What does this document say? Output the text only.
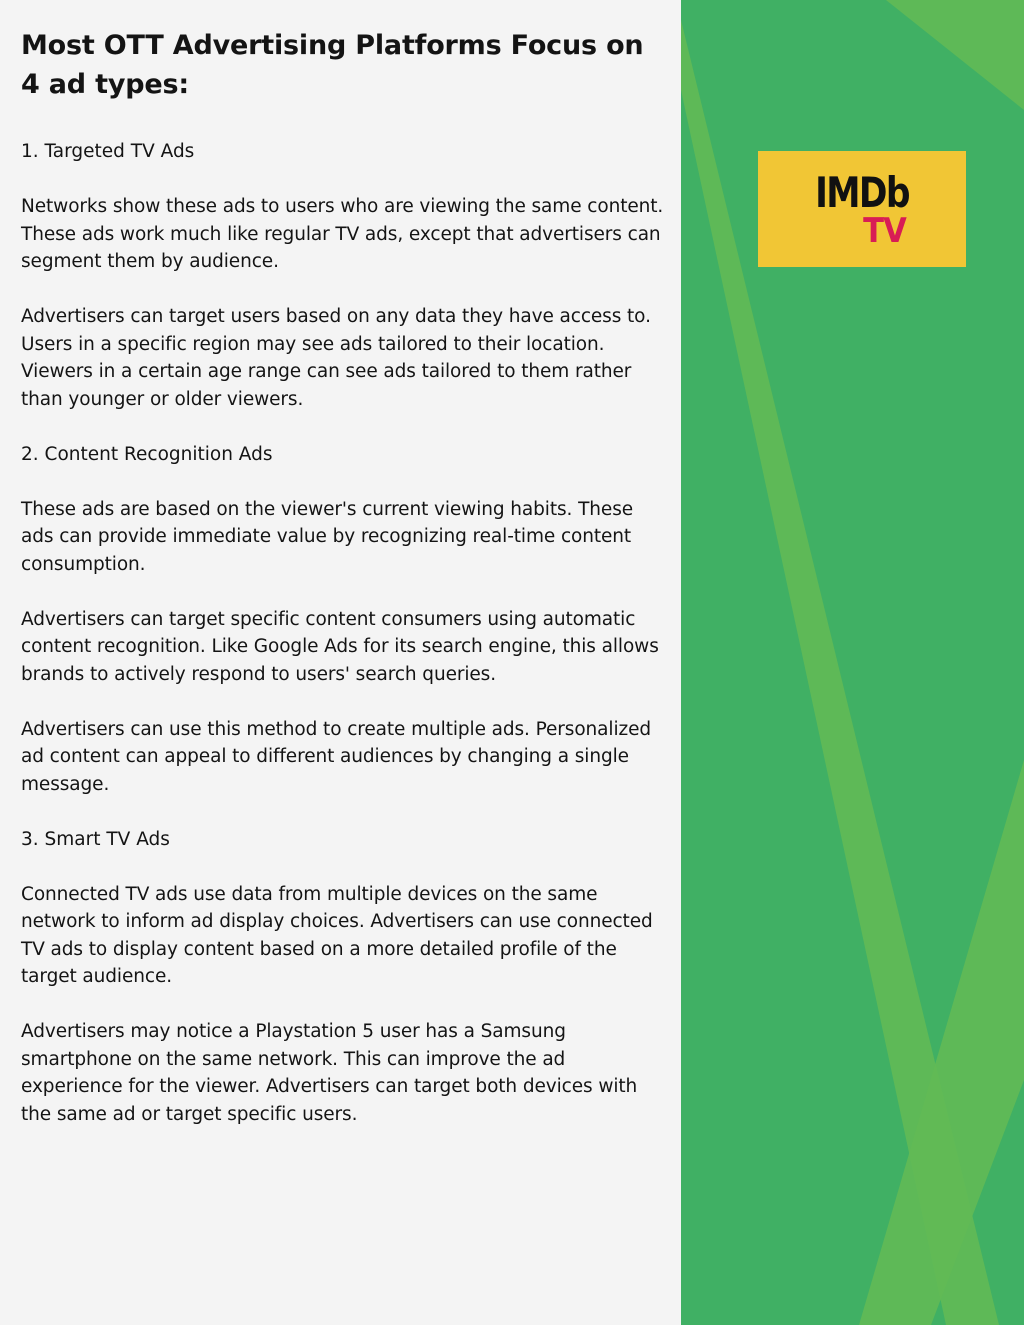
Most OTT Advertising Platforms Focus on 4 ad types:
1. Targeted TV Ads

Networks show these ads to users who are viewing the same content. These ads work much like regular TV ads, except that advertisers can segment them by audience.

Advertisers can target users based on any data they have access to. Users in a specific region may see ads tailored to their location. Viewers in a certain age range can see ads tailored to them rather than younger or older viewers.

2. Content Recognition Ads

These ads are based on the viewer's current viewing habits. These ads can provide immediate value by recognizing real-time content consumption.

Advertisers can target specific content consumers using automatic content recognition. Like Google Ads for its search engine, this allows brands to actively respond to users' search queries.

Advertisers can use this method to create multiple ads. Personalized ad content can appeal to different audiences by changing a single message.

3. Smart TV Ads

Connected TV ads use data from multiple devices on the same network to inform ad display choices. Advertisers can use connected TV ads to display content based on a more detailed profile of the target audience.

Advertisers may notice a Playstation 5 user has a Samsung smartphone on the same network. This can improve the ad experience for the viewer. Advertisers can target both devices with the same ad or target specific users.

IMDb
TV
